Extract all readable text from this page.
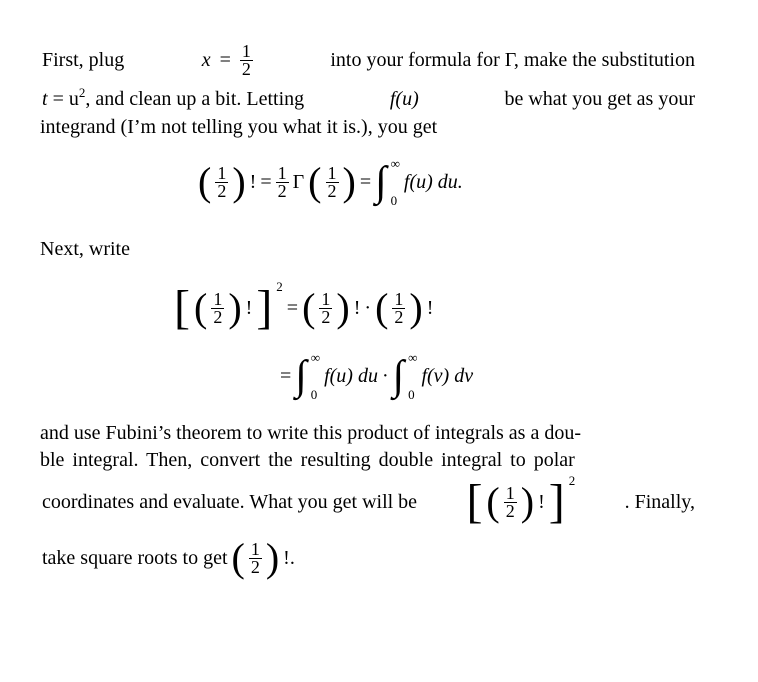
First, plug	x
=
$\frac{1}{2}$	into your formula for Γ, make the substitution
t = u2, and clean up a bit. Letting	f(u)	be what you get as your
integrand (I’m not telling you what it is.), you get
( $\frac{1}{2}$ ) ! = $\frac{1}{2}$ Γ ( $\frac{1}{2}$ ) = ∫ ∞
0
f(u) du.
Next, write
[ ( $\frac{1}{2}$ ) ! ] 2
= ( $\frac{1}{2}$ ) ! · ( $\frac{1}{2}$ ) !
= ∫ ∞
0
f(u) du · ∫ ∞
0
f(v) dv
and use Fubini’s theorem to write this product of integrals as a dou-
ble integral. Then, convert the resulting double integral to polar
coordinates and evaluate. What you get will be [ ( $\frac{1}{2}$ ) ! ] 2
. Finally,
take square roots to get ( $\frac{1}{2}$ ) !.
